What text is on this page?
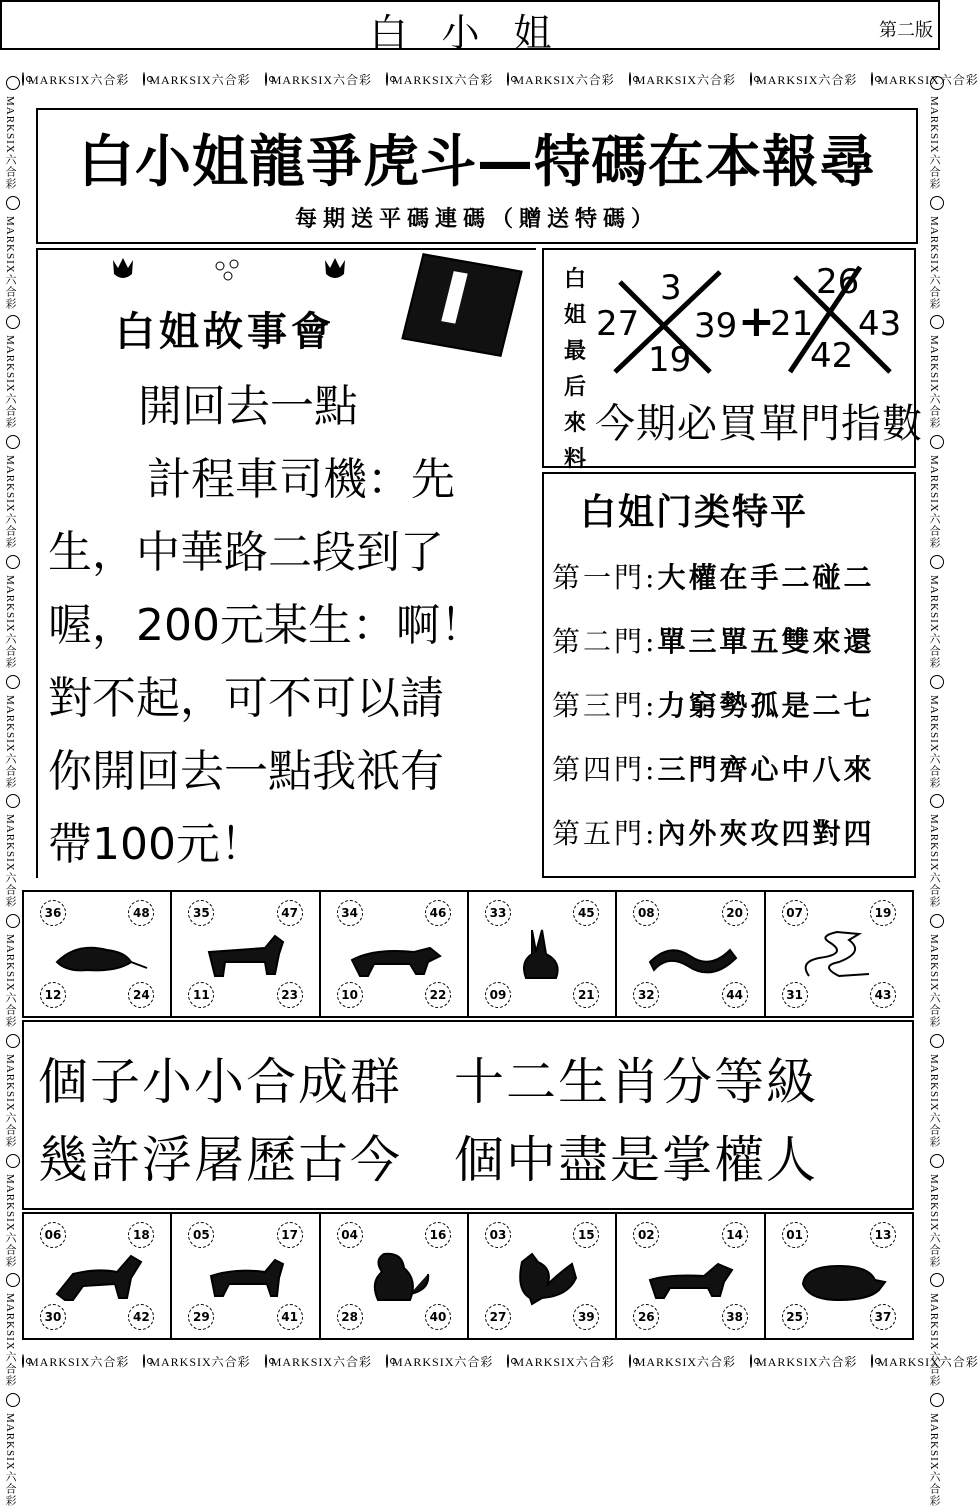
白小姐	第二版
MARKSIX六合彩 MARKSIX六合彩 MARKSIX六合彩 MARKSIX六合彩 MARKSIX六合彩 MARKSIX六合彩 MARKSIX六合彩 MARKSIX六合彩
MARKSIX六合彩 MARKSIX六合彩 MARKSIX六合彩 MARKSIX六合彩 MARKSIX六合彩 MARKSIX六合彩 MARKSIX六合彩 MARKSIX六合彩
MARKSIX六合彩
MARKSIX六合彩
MARKSIX六合彩
MARKSIX六合彩
MARKSIX六合彩
MARKSIX六合彩
MARKSIX六合彩
MARKSIX六合彩
MARKSIX六合彩
MARKSIX六合彩
MARKSIX六合彩
MARKSIX六合彩
MARKSIX六合彩
MARKSIX六合彩
MARKSIX六合彩
MARKSIX六合彩
MARKSIX六合彩
MARKSIX六合彩
MARKSIX六合彩
MARKSIX六合彩
MARKSIX六合彩
MARKSIX六合彩
MARKSIX六合彩
MARKSIX六合彩
白小姐龍爭虎斗—特碼在本報尋
每期送平碼連碼（贈送特碼）
白姐故事會

開回去一點

　計程車司機：先

生，中華路二段到了

喔，200元某生：啊！

對不起，可不可以請

你開回去一點我祇有

帶100元！

白姐最后來料
3
27 39
19
+
26
21 43
42
今期必買單門指數
白姐门类特平
第一門:大權在手二碰二
第二門:單三單五雙來還
第三門:力窮勢孤是二七
第四門:三門齊心中八來
第五門:內外夾攻四對四
36	48
12	24
35	47
11	23
34	46
10	22
33	45
09	21
08	20
32	44
07	19
31	43
個子小小合成群　十二生肖分等級
幾許浮屠歷古今　個中盡是掌權人
06	18
30	42
05	17
29	41
04	16
28	40
03	15
27	39
02	14
26	38
01	13
25	37
